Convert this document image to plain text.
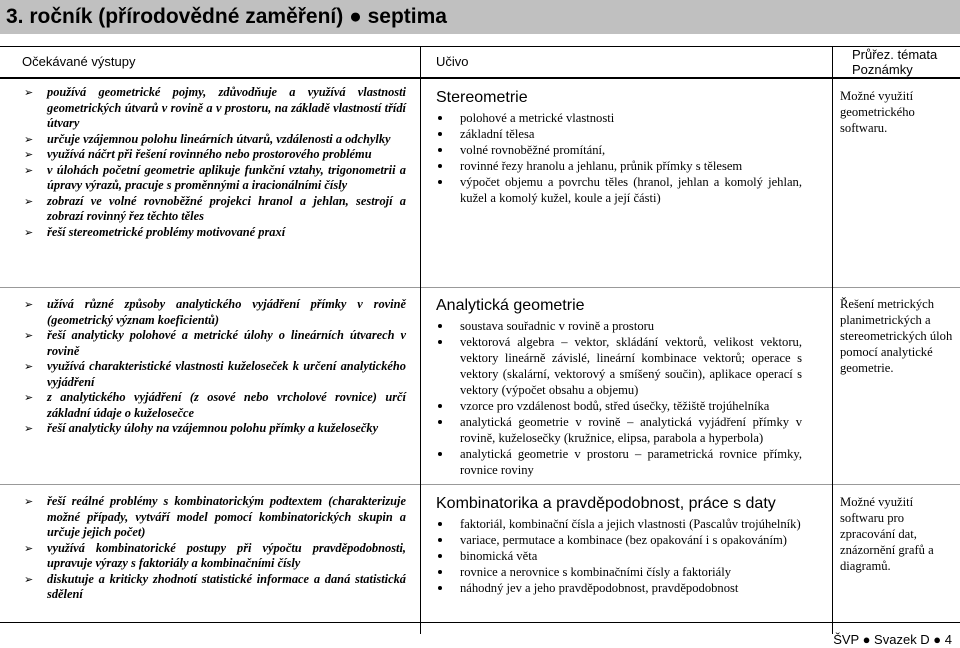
3. ročník (přírodovědné zaměření) ● septima
Očekávané výstupy	Učivo	Průřez. témata
Poznámky
➢ používá geometrické pojmy, zdůvodňuje a využívá vlastnosti geometrických útvarů v rovině a v prostoru, na základě vlastností třídí útvary
➢ určuje vzájemnou polohu lineárních útvarů, vzdálenosti a odchylky
➢ využívá náčrt při řešení rovinného nebo prostorového problému
➢ v úlohách početní geometrie aplikuje funkční vztahy, trigonometrii a úpravy výrazů, pracuje s proměnnými a iracionálními čísly
➢ zobrazí ve volné rovnoběžné projekci hranol a jehlan, sestrojí a zobrazí rovinný řez těchto těles
➢ řeší stereometrické problémy motivované praxí
Stereometrie
polohové a metrické vlastnosti
základní tělesa
volné rovnoběžné promítání,
rovinné řezy hranolu a jehlanu, průnik přímky s tělesem
výpočet objemu a povrchu těles (hranol, jehlan a komolý jehlan, kužel a komolý kužel, koule a její části)
Možné využití geometrického softwaru.
➢ užívá různé způsoby analytického vyjádření přímky v rovině (geometrický význam koeficientů)
➢ řeší analyticky polohové a metrické úlohy o lineárních útvarech v rovině
➢ využívá charakteristické vlastnosti kuželoseček k určení analytického vyjádření
➢ z analytického vyjádření (z osové nebo vrcholové rovnice) určí základní údaje o kuželosečce
➢ řeší analyticky úlohy na vzájemnou polohu přímky a kuželosečky
Analytická geometrie
soustava souřadnic v rovině a prostoru
vektorová algebra – vektor, skládání vektorů, velikost vektoru, vektory lineárně závislé, lineární kombinace vektorů; operace s vektory (skalární, vektorový a smíšený součin), aplikace operací s vektory (výpočet obsahu a objemu)
vzorce pro vzdálenost bodů, střed úsečky, těžiště trojúhelníka
analytická geometrie v rovině – analytická vyjádření přímky v rovině, kuželosečky (kružnice, elipsa, parabola a hyperbola)
analytická geometrie v prostoru – parametrická rovnice přímky, rovnice roviny
Řešení metrických planimetrických a stereometrických úloh pomocí analytické geometrie.
➢ řeší reálné problémy s kombinatorickým podtextem (charakterizuje možné případy, vytváří model pomocí kombinatorických skupin a určuje jejich počet)
➢ využívá kombinatorické postupy při výpočtu pravděpodobnosti, upravuje výrazy s faktoriály a kombinačními čísly
➢ diskutuje a kriticky zhodnotí statistické informace a daná statistická sdělení
Kombinatorika a pravděpodobnost, práce s daty
faktoriál, kombinační čísla a jejich vlastnosti (Pascalův trojúhelník)
variace, permutace a kombinace (bez opakování i s opakováním)
binomická věta
rovnice a nerovnice s kombinačními čísly a faktoriály
náhodný jev a jeho pravděpodobnost, pravděpodobnost
Možné využití softwaru pro zpracování dat, znázornění grafů a diagramů.
ŠVP ● Svazek D ● 4
